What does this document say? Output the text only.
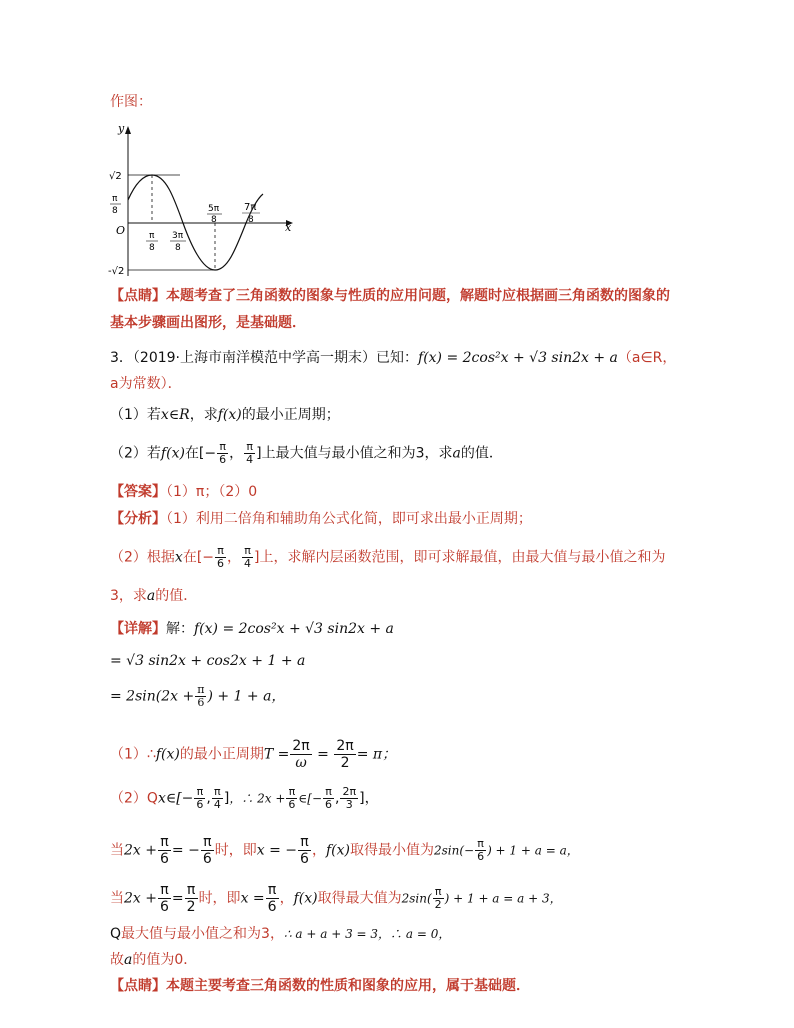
作图：
y
x
O
√2
-√2
π
8
π
8
3π
8
5π
8
7π
8
【点睛】本题考查了三角函数的图象与性质的应用问题，解题时应根据画三角函数的图象的
基本步骤画出图形，是基础题．
3．（2019·上海市南洋模范中学高一期末）已知：f(x) = 2cos²x + √3 sin2x + a（a∈R，
a为常数）．
（1）若x∈R，求f(x)的最小正周期；
（2）若f(x)在[− $\frac{\pi}{6}$ ， $\frac{\pi}{4}$ ]上最大值与最小值之和为3，求a的值．
【答案】（1）π；（2）0
【分析】（1）利用二倍角和辅助角公式化简，即可求出最小正周期；
（2）根据x在[− $\frac{\pi}{6}$ ， $\frac{\pi}{4}$ ]上，求解内层函数范围，即可求解最值，由最大值与最小值之和为
3，求a的值．
【详解】解：f(x) = 2cos²x + √3 sin2x + a
= √3 sin2x + cos2x + 1 + a
= $2\sin(2x + \frac{\pi}{6}$ ) + 1 + a，
（1）∴f(x)的最小正周期$T = \frac{2\pi}{\omega} = \frac{2\pi}{2} = \pi$；
（2）Qx∈[− $\frac{\pi}{6}$ , $\frac{\pi}{4}$ ]，∴ $2x + \frac{\pi}{6}$ ∈[− $\frac{\pi}{6}$ , $\frac{2\pi}{3}$ ]，
当$2x + \frac{\pi}{6}$ = − $\frac{\pi}{6}$ 时，即x = − $\frac{\pi}{6}$ ，f(x)取得最小值为$2\sin(- \frac{\pi}{6}$ ) + 1 + a = a，
当$2x + \frac{\pi}{6} = \frac{\pi}{2}$ 时，即$x = \frac{\pi}{6}$ ，f(x)取得最大值为$2\sin( \frac{\pi}{2}$ ) + 1 + a = a + 3，
Q最大值与最小值之和为3，∴ a + a + 3 = 3，∴ a = 0，
故a的值为0．
【点睛】本题主要考查三角函数的性质和图象的应用，属于基础题．
